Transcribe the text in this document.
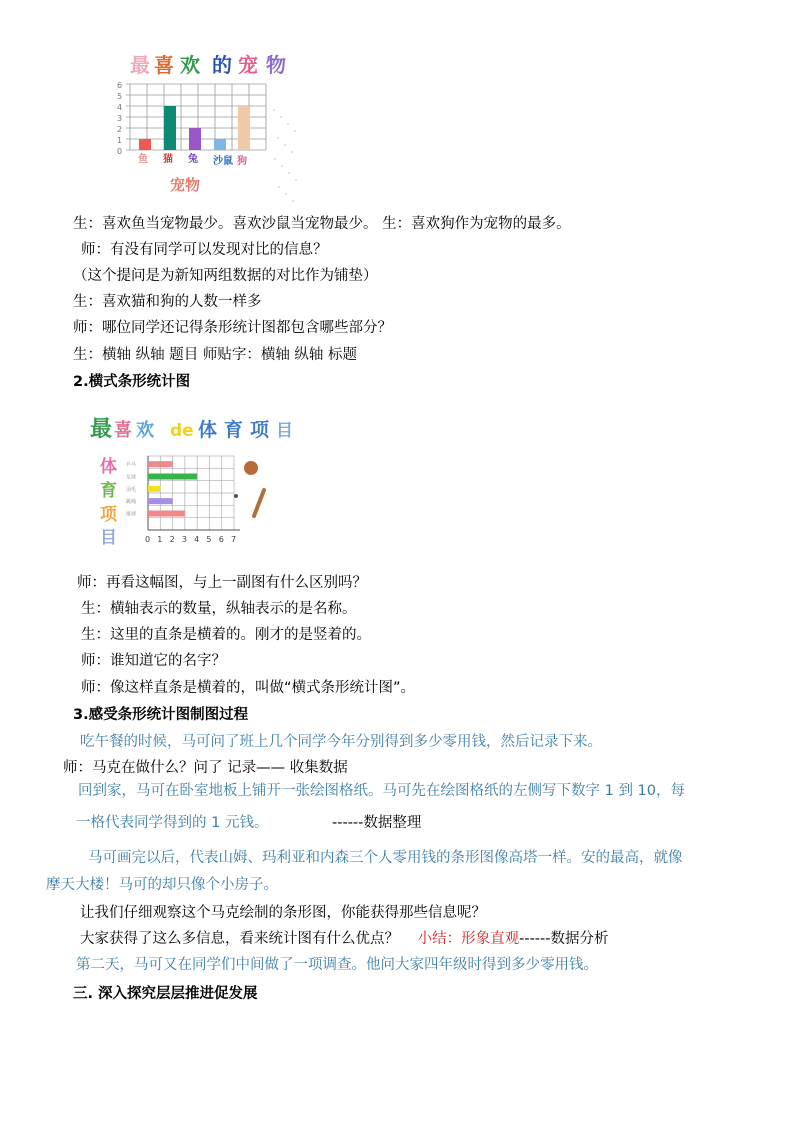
最 喜 欢 的 宠 物
0
1
2
3
4
5
6
鱼 猫 兔 沙鼠 狗
宠物
最 喜 欢 de 体 育 项 目
体
育
项
目	0 1 2 3 4 5 6 7
乒乓
足球
羽毛
跳绳
排球
生：喜欢鱼当宠物最少。喜欢沙鼠当宠物最少。 生：喜欢狗作为宠物的最多。
师：有没有同学可以发现对比的信息？
（这个提问是为新知两组数据的对比作为铺垫）
生：喜欢猫和狗的人数一样多
师：哪位同学还记得条形统计图都包含哪些部分？
生：横轴 纵轴 题目 师贴字：横轴 纵轴 标题
2.横式条形统计图
师：再看这幅图，与上一副图有什么区别吗？
生：横轴表示的数量，纵轴表示的是名称。
生：这里的直条是横着的。刚才的是竖着的。
师：谁知道它的名字？
师：像这样直条是横着的，叫做“横式条形统计图”。
3.感受条形统计图制图过程
吃午餐的时候，马可问了班上几个同学今年分别得到多少零用钱，然后记录下来。
师：马克在做什么？问了 记录—— 收集数据
回到家，马可在卧室地板上铺开一张绘图格纸。马可先在绘图格纸的左侧写下数字 1 到 10，每
一格代表同学得到的 1 元钱。	------数据整理
马可画完以后，代表山姆、玛利亚和内森三个人零用钱的条形图像高塔一样。安的最高，就像
摩天大楼！马可的却只像个小房子。
让我们仔细观察这个马克绘制的条形图，你能获得那些信息呢？
大家获得了这么多信息，看来统计图有什么优点？ 小结：形象直观------数据分析
第二天，马可又在同学们中间做了一项调查。他问大家四年级时得到多少零用钱。
三. 深入探究层层推进促发展
